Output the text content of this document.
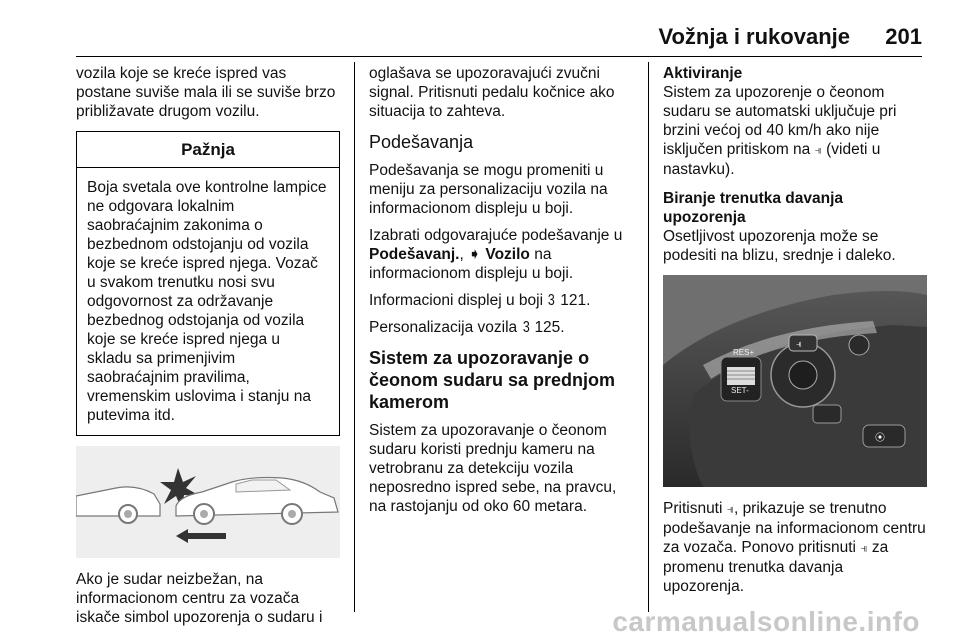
Vožnja i rukovanje 201

vozila koje se kreće ispred vas postane suviše mala ili se suviše brzo približavate drugom vozilu.

Pažnja
Boja svetala ove kontrolne lampice ne odgovara lokalnim saobraćajnim zakonima o bezbednom odstojanju od vozila koje se kreće ispred njega. Vozač u svakom trenutku nosi svu odgovornost za održavanje bezbednog odstojanja od vozila koje se kreće ispred njega u skladu sa primenjivim saobraćajnim pravilima, vremenskim uslovima i stanju na putevima itd.

Ako je sudar neizbežan, na informacionom centru za vozača iskače simbol upozorenja o sudaru i

oglašava se upozoravajući zvučni signal. Pritisnuti pedalu kočnice ako situacija to zahteva.

Podešavanja

Podešavanja se mogu promeniti u meniju za personalizaciju vozila na informacionom displeju u boji.

Izabrati odgovarajuće podešavanje u Podešavanj., ➧ Vozilo na informacionom displeju u boji.

Informacioni displej u boji 3 121.

Personalizacija vozila 3 125.

Sistem za upozoravanje o čeonom sudaru sa prednjom kamerom

Sistem za upozoravanje o čeonom sudaru koristi prednju kameru na vetrobranu za detekciju vozila neposredno ispred sebe, na pravcu, na rastojanju od oko 60 metara.

Aktiviranje

Sistem za upozorenje o čeonom sudaru se automatski uključuje pri brzini većoj od 40 km/h ako nije isključen pritiskom na ⫣ (videti u nastavku).

Biranje trenutka davanja upozorenja

Osetljivost upozorenja može se podesiti na blizu, srednje i daleko.

RES+
SET-
⫣
⦿

Pritisnuti ⫣, prikazuje se trenutno podešavanje na informacionom centru za vozača. Ponovo pritisnuti ⫣ za promenu trenutka davanja upozorenja.

carmanualsonline.info
